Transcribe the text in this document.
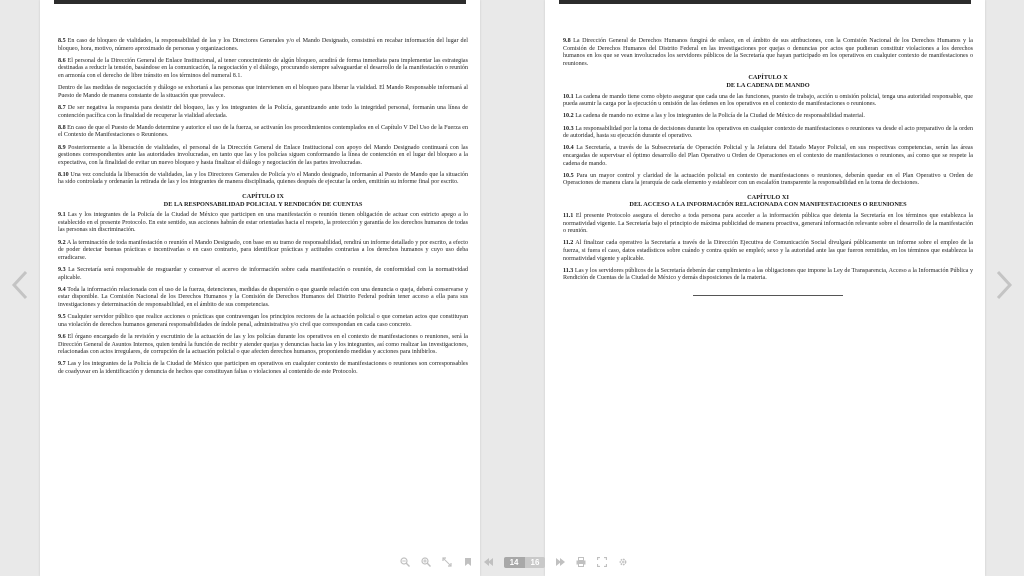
8.5 En caso de bloqueo de vialidades, la responsabilidad de las y los Directores Generales y/o el Mando Designado, consistirá en recabar información del lugar del bloqueo, hora, motivo, número aproximado de personas y organizaciones.

8.6 El personal de la Dirección General de Enlace Institucional, al tener conocimiento de algún bloqueo, acudirá de forma inmediata para implementar las estrategias destinadas a reducir la tensión, basándose en la comunicación, la negociación y el diálogo, procurando siempre salvaguardar el desarrollo de la manifestación o reunión en armonía con el derecho de libre tránsito en los términos del numeral 8.1.

Dentro de las medidas de negociación y diálogo se exhortará a las personas que intervienen en el bloqueo para liberar la vialidad. El Mando Responsable informará al Puesto de Mando de manera constante de la situación que prevalece.

8.7 De ser negativa la respuesta para desistir del bloqueo, las y los integrantes de la Policía, garantizando ante todo la integridad personal, formarán una línea de contención pacífica con la finalidad de recuperar la vialidad afectada.

8.8 En caso de que el Puesto de Mando determine y autorice el uso de la fuerza, se activarán los procedimientos contemplados en el Capítulo V Del Uso de la Fuerza en el Contexto de Manifestaciones o Reuniones.

8.9 Posteriormente a la liberación de vialidades, el personal de la Dirección General de Enlace Institucional con apoyo del Mando Designado continuará con las gestiones correspondientes ante las autoridades involucradas, en tanto que las y los policías siguen conformando la línea de contención en el lugar del bloqueo a la expectativa, con la finalidad de evitar un nuevo bloqueo y hasta finalizar el diálogo y negociación de las partes involucradas.

8.10 Una vez concluida la liberación de vialidades, las y los Directores Generales de Policía y/o el Mando designado, informarán al Puesto de Mando que la situación ha sido controlada y ordenarán la retirada de las y los integrantes de manera disciplinada, quienes después de ejecutar la orden, emitirán su informe final por escrito.

CAPÍTULO IX
DE LA RESPONSABILIDAD POLICIAL Y RENDICIÓN DE CUENTAS

9.1 Las y los integrantes de la Policía de la Ciudad de México que participen en una manifestación o reunión tienen obligación de actuar con estricto apego a lo establecido en el presente Protocolo. En este sentido, sus acciones habrán de estar orientadas hacia el respeto, la protección y garantía de los derechos humanos de todas las personas sin discriminación.

9.2 A la terminación de toda manifestación o reunión el Mando Designado, con base en su tramo de responsabilidad, rendirá un informe detallado y por escrito, a efecto de poder detectar buenas prácticas e incentivarlas o en caso contrario, para identificar prácticas y actitudes contrarias a los derechos humanos y cuyo uso deba erradicarse.

9.3 La Secretaría será responsable de resguardar y conservar el acervo de información sobre cada manifestación o reunión, de conformidad con la normatividad aplicable.

9.4 Toda la información relacionada con el uso de la fuerza, detenciones, medidas de dispersión o que guarde relación con una denuncia o queja, deberá conservarse y estar disponible. La Comisión Nacional de los Derechos Humanos y la Comisión de Derechos Humanos del Distrito Federal podrán tener acceso a ella para sus investigaciones y determinación de responsabilidad, en el ámbito de sus competencias.

9.5 Cualquier servidor público que realice acciones o prácticas que contravengan los principios rectores de la actuación policial o que cometan actos que constituyan una violación de derechos humanos generará responsabilidades de índole penal, administrativa y/o civil que correspondan en cada caso concreto.

9.6 El órgano encargado de la revisión y escrutinio de la actuación de las y los policías durante los operativos en el contexto de manifestaciones o reuniones, será la Dirección General de Asuntos Internos, quien tendrá la función de recibir y atender quejas y denuncias hacia las y los integrantes, así como realizar las investigaciones, relacionadas con actos irregulares, de corrupción de la actuación policial o que afecten derechos humanos, proponiendo medidas y acciones para inhibirlos.

9.7 Las y los integrantes de la Policía de la Ciudad de México que participen en operativos en cualquier contexto de manifestaciones o reuniones son corresponsables de coadyuvar en la identificación y denuncia de hechos que constituyan faltas o violaciones al contenido de este Protocolo.

9.8 La Dirección General de Derechos Humanos fungirá de enlace, en el ámbito de sus atribuciones, con la Comisión Nacional de los Derechos Humanos y la Comisión de Derechos Humanos del Distrito Federal en las investigaciones por quejas o denuncias por actos que pudieran constituir violaciones a los derechos humanos en los que se vean involucrados los servidores públicos de la Secretaría que hayan participado en los operativos en cualquier contexto de manifestaciones o reuniones.

CAPÍTULO X
DE LA CADENA DE MANDO

10.1 La cadena de mando tiene como objeto asegurar que cada una de las funciones, puesto de trabajo, acción u omisión policial, tenga una autoridad responsable, que pueda asumir la carga por la ejecución u omisión de las órdenes en los operativos en el contexto de manifestaciones o reuniones.

10.2 La cadena de mando no exime a las y los integrantes de la Policía de la Ciudad de México de responsabilidad material.

10.3 La responsabilidad por la toma de decisiones durante los operativos en cualquier contexto de manifestaciones o reuniones va desde el acto preparativo de la orden de autoridad, hasta su ejecución durante el operativo.

10.4 La Secretaría, a través de la Subsecretaría de Operación Policial y la Jefatura del Estado Mayor Policial, en sus respectivas competencias, serán las áreas encargadas de supervisar el óptimo desarrollo del Plan Operativo u Orden de Operaciones en el contexto de manifestaciones o reuniones, así como que se respete la cadena de mando.

10.5 Para un mayor control y claridad de la actuación policial en contexto de manifestaciones o reuniones, deberán quedar en el Plan Operativo u Orden de Operaciones de manera clara la jerarquía de cada elemento y establecer con un escalafón transparente la responsabilidad en la toma de decisiones.

CAPÍTULO XI
DEL ACCESO A LA INFORMACIÓN RELACIONADA CON MANIFESTACIONES O REUNIONES

11.1 El presente Protocolo asegura el derecho a toda persona para acceder a la información pública que detenta la Secretaría en los términos que establezca la normatividad vigente. La Secretaría bajo el principio de máxima publicidad de manera proactiva, generará información relevante sobre el desarrollo de la manifestación o reunión.

11.2 Al finalizar cada operativo la Secretaría a través de la Dirección Ejecutiva de Comunicación Social divulgará públicamente un informe sobre el empleo de la fuerza, si fuera el caso, datos estadísticos sobre cuándo y contra quién se empleó; sexo y la autoridad ante las que fueron remitidas, en los términos que establezca la normatividad vigente y aplicable.

11.3 Las y los servidores públicos de la Secretaría deberán dar cumplimiento a las obligaciones que impone la Ley de Transparencia, Acceso a la Información Pública y Rendición de Cuentas de la Ciudad de México y demás disposiciones de la materia.

14	16
